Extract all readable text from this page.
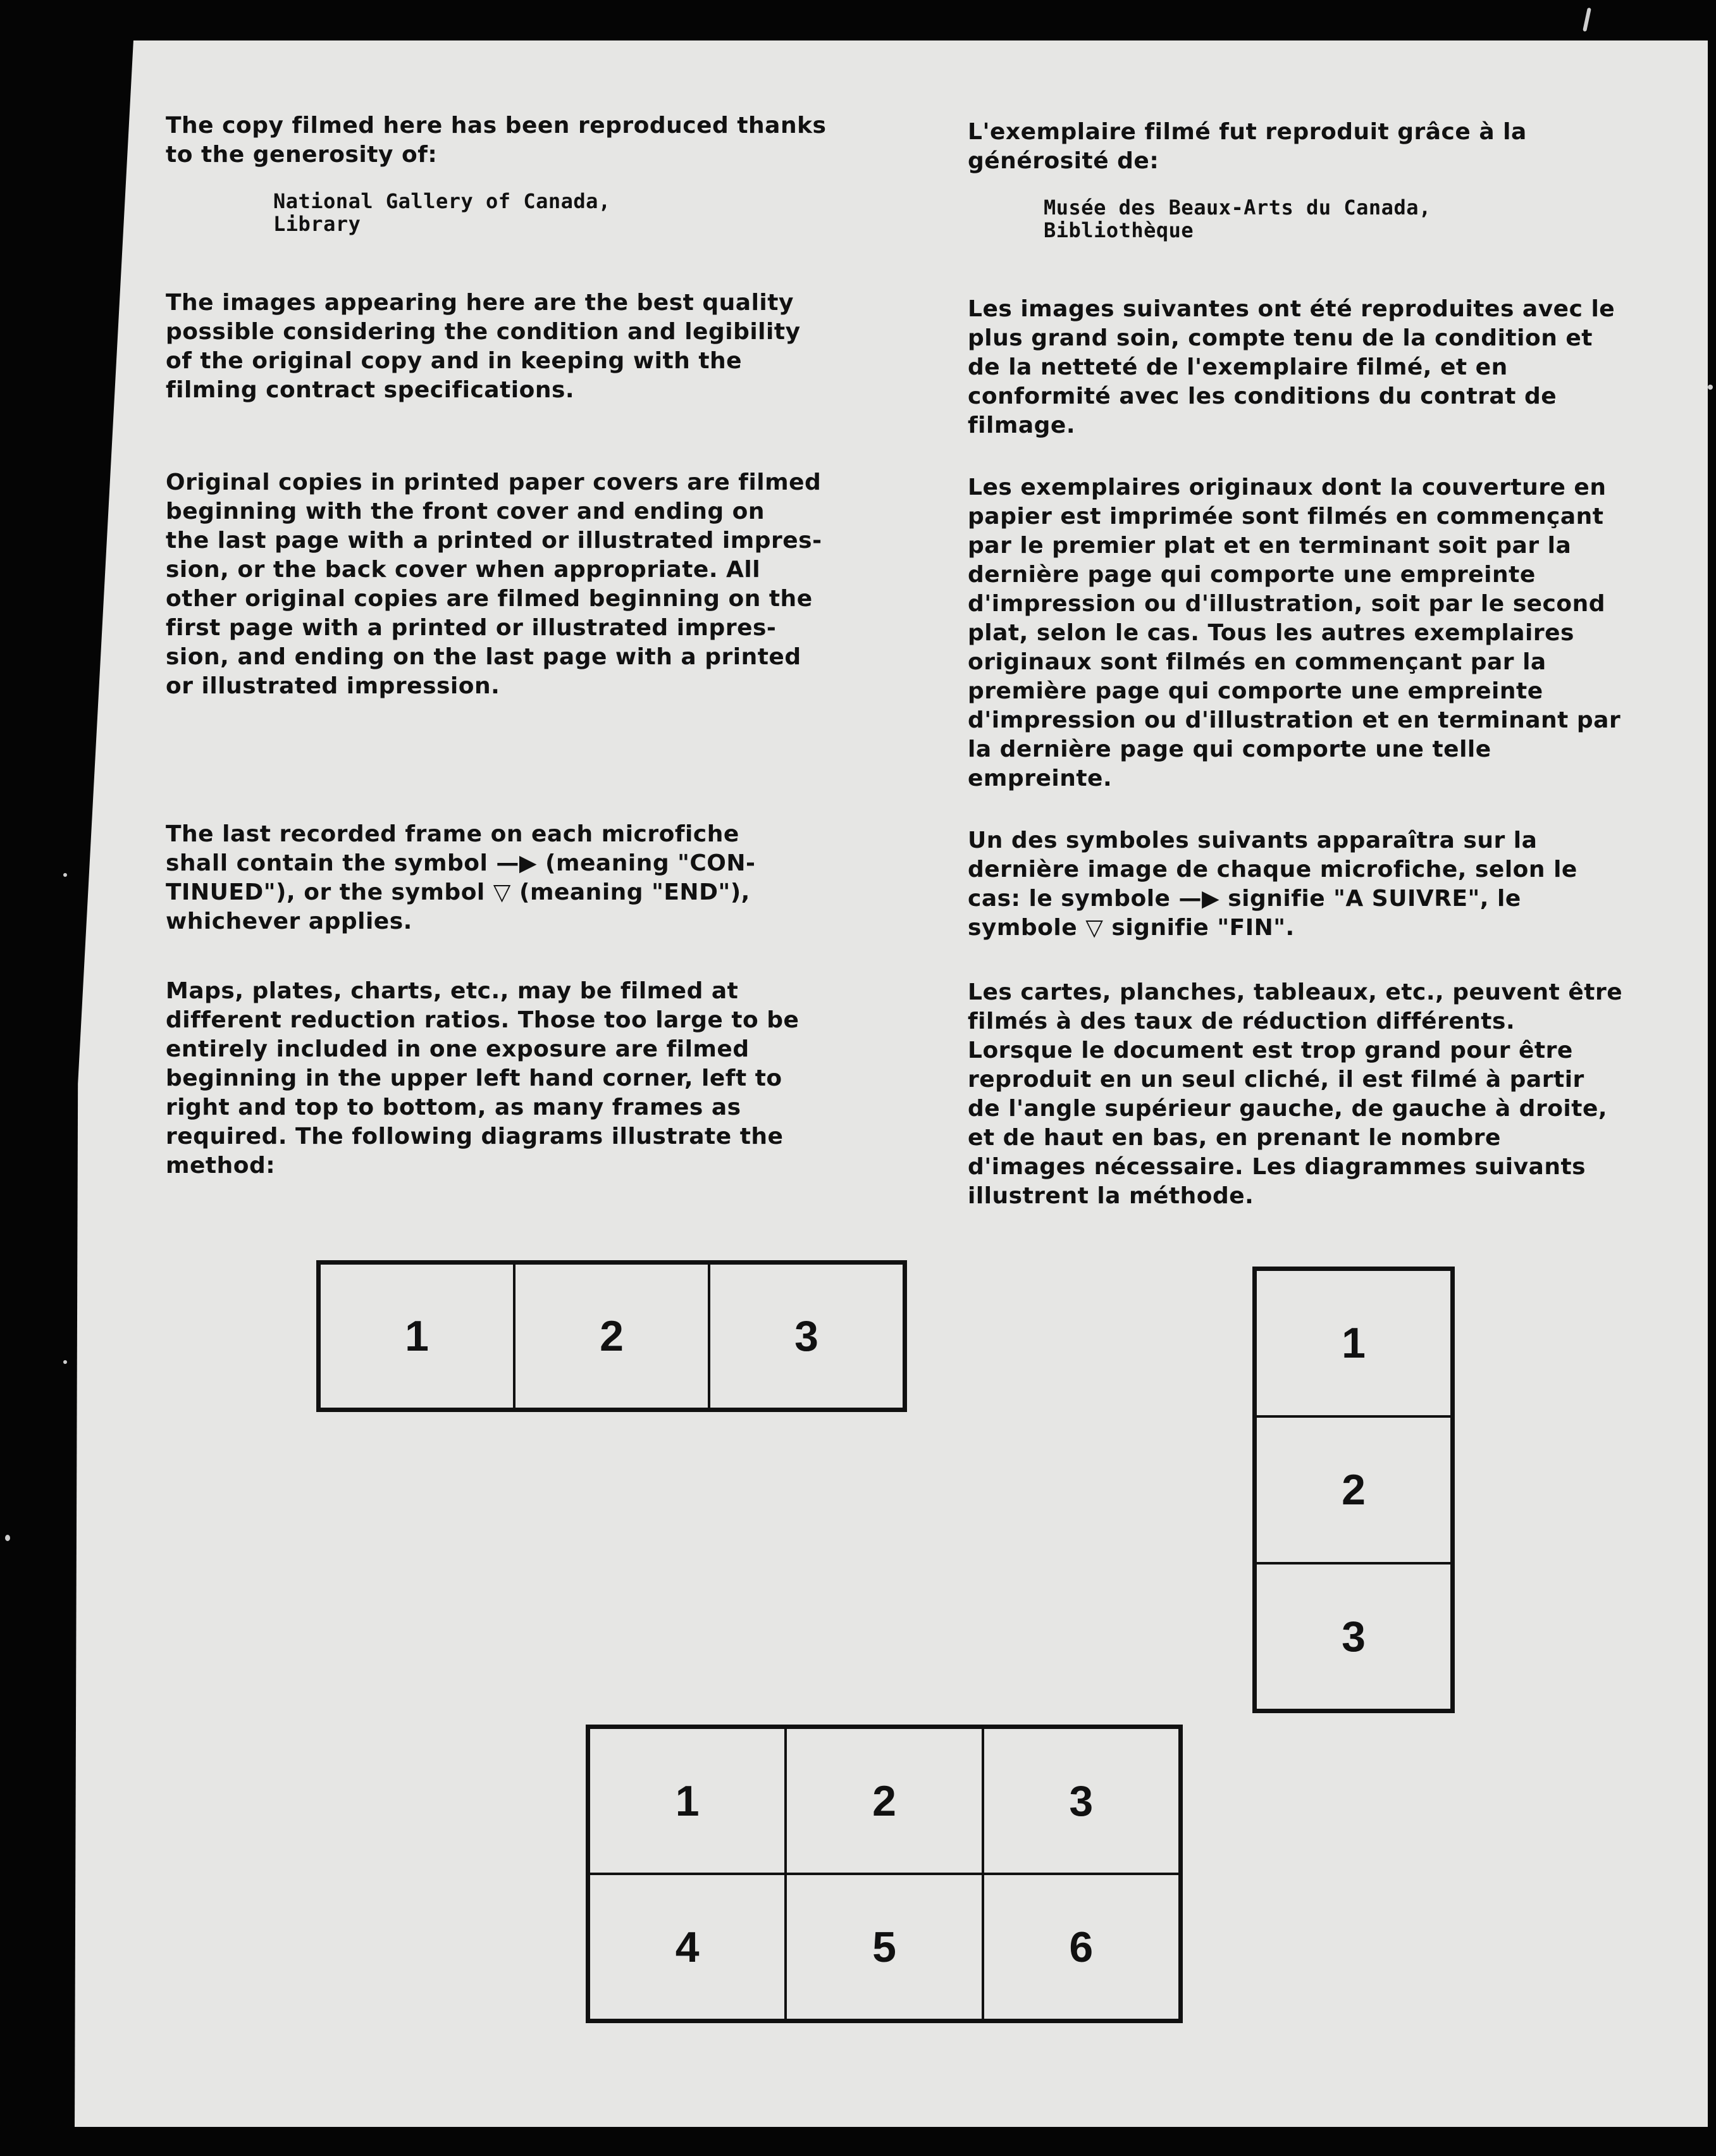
The copy filmed here has been reproduced thanks
to the generosity of:

National Gallery of Canada,
Library

The images appearing here are the best quality
possible considering the condition and legibility
of the original copy and in keeping with the
filming contract specifications.

Original copies in printed paper covers are filmed
beginning with the front cover and ending on
the last page with a printed or illustrated impres-
sion, or the back cover when appropriate. All
other original copies are filmed beginning on the
first page with a printed or illustrated impres-
sion, and ending on the last page with a printed
or illustrated impression.

The last recorded frame on each microfiche
shall contain the symbol —▶ (meaning "CON-
TINUED"), or the symbol ▽ (meaning "END"),
whichever applies.

Maps, plates, charts, etc., may be filmed at
different reduction ratios. Those too large to be
entirely included in one exposure are filmed
beginning in the upper left hand corner, left to
right and top to bottom, as many frames as
required. The following diagrams illustrate the
method:

L'exemplaire filmé fut reproduit grâce à la
générosité de:

Musée des Beaux-Arts du Canada,
Bibliothèque

Les images suivantes ont été reproduites avec le
plus grand soin, compte tenu de la condition et
de la netteté de l'exemplaire filmé, et en
conformité avec les conditions du contrat de
filmage.

Les exemplaires originaux dont la couverture en
papier est imprimée sont filmés en commençant
par le premier plat et en terminant soit par la
dernière page qui comporte une empreinte
d'impression ou d'illustration, soit par le second
plat, selon le cas. Tous les autres exemplaires
originaux sont filmés en commençant par la
première page qui comporte une empreinte
d'impression ou d'illustration et en terminant par
la dernière page qui comporte une telle
empreinte.

Un des symboles suivants apparaîtra sur la
dernière image de chaque microfiche, selon le
cas: le symbole —▶ signifie "A SUIVRE", le
symbole ▽ signifie "FIN".

Les cartes, planches, tableaux, etc., peuvent être
filmés à des taux de réduction différents.
Lorsque le document est trop grand pour être
reproduit en un seul cliché, il est filmé à partir
de l'angle supérieur gauche, de gauche à droite,
et de haut en bas, en prenant le nombre
d'images nécessaire. Les diagrammes suivants
illustrent la méthode.

1	2	3	1
2
3
1	2	3
4	5	6
